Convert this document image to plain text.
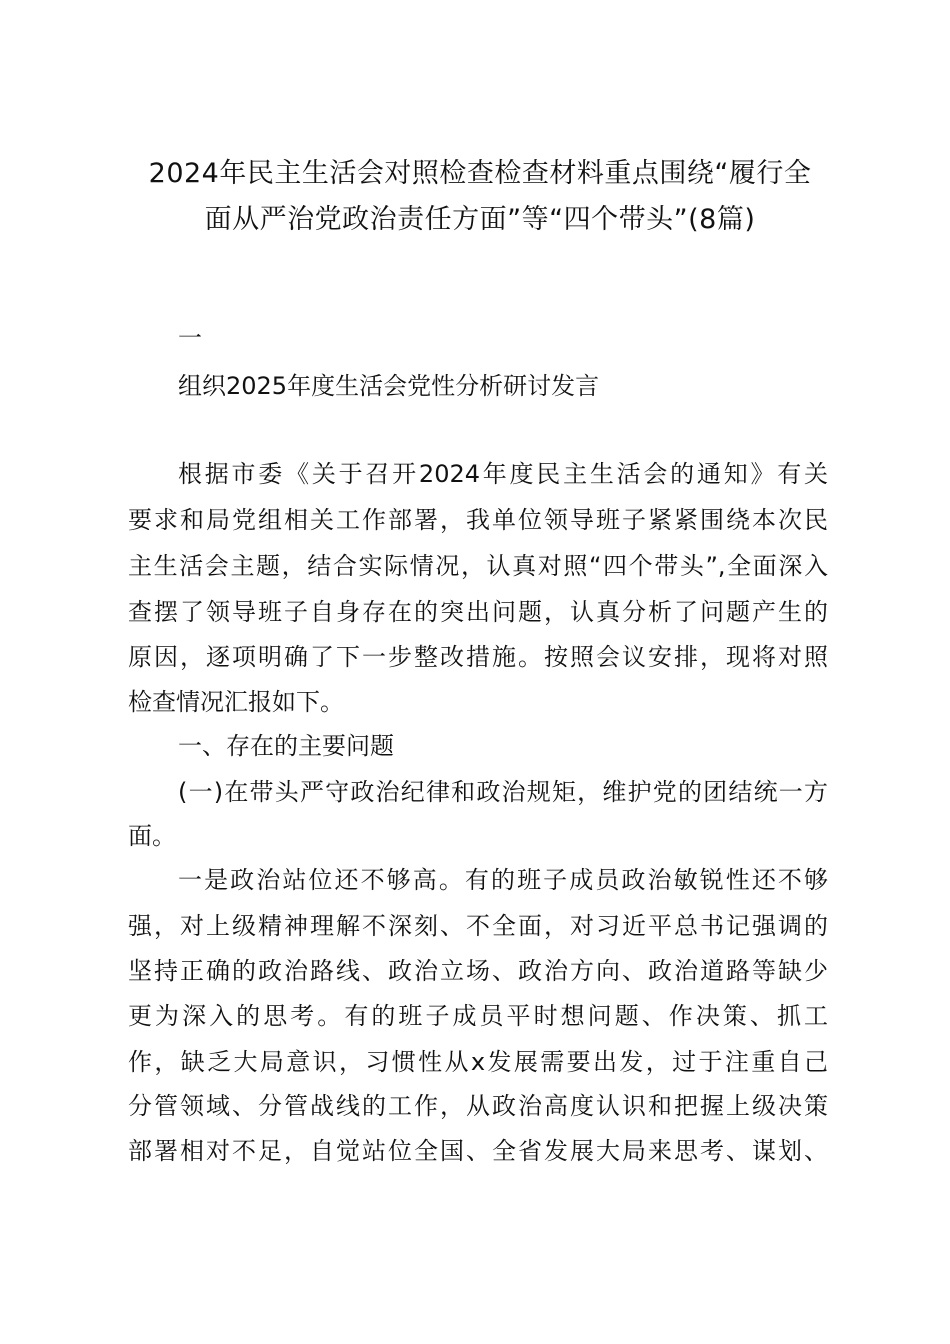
2024年民主生活会对照检查检查材料重点围绕“履行全
面从严治党政治责任方面”等“四个带头”(8篇)

一

组织2025年度生活会党性分析研讨发言

根据市委《关于召开2024年度民主生活会的通知》有关

要求和局党组相关工作部署，我单位领导班子紧紧围绕本次民

主生活会主题，结合实际情况，认真对照“四个带头”,全面深入

查摆了领导班子自身存在的突出问题，认真分析了问题产生的

原因，逐项明确了下一步整改措施。按照会议安排，现将对照

检查情况汇报如下。

一、存在的主要问题

(一)在带头严守政治纪律和政治规矩，维护党的团结统一方

面。

一是政治站位还不够高。有的班子成员政治敏锐性还不够

强，对上级精神理解不深刻、不全面，对习近平总书记强调的

坚持正确的政治路线、政治立场、政治方向、政治道路等缺少

更为深入的思考。有的班子成员平时想问题、作决策、抓工

作，缺乏大局意识，习惯性从x发展需要出发，过于注重自己

分管领域、分管战线的工作，从政治高度认识和把握上级决策

部署相对不足，自觉站位全国、全省发展大局来思考、谋划、
